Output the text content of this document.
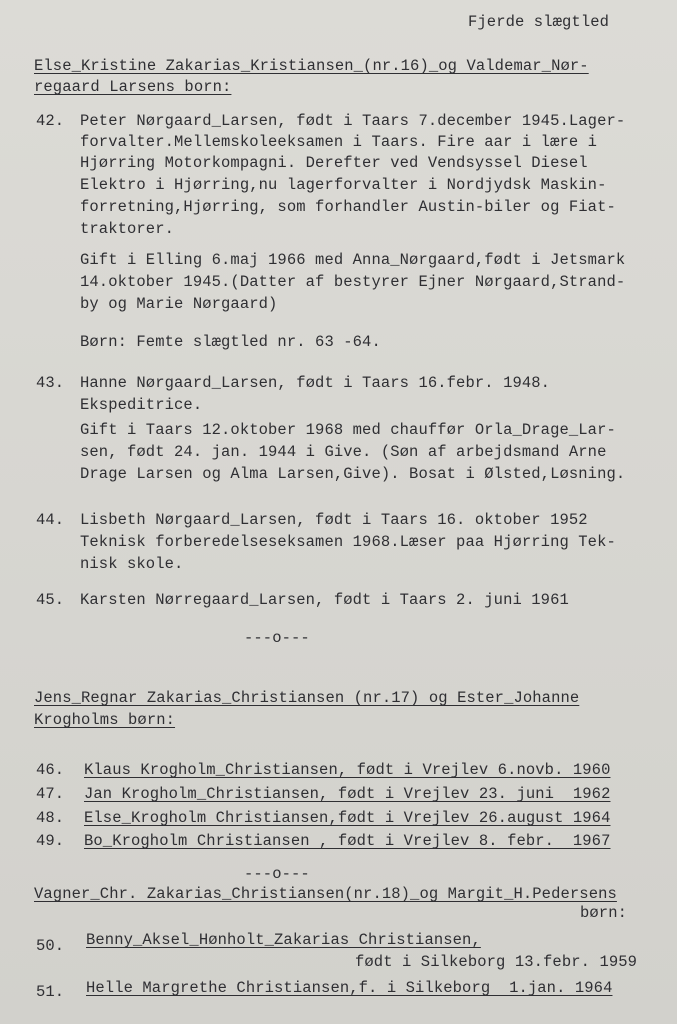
Fjerde slægtled
Else_Kristine Zakarias_Kristiansen_(nr.16)_og Valdemar_Nør-
regaard Larsens born:
42. Peter Nørgaard_Larsen, født i Taars 7.december 1945.Lager-
forvalter.Mellemskoleeksamen i Taars. Fire aar i lære i
Hjørring Motorkompagni. Derefter ved Vendsyssel Diesel
Elektro i Hjørring,nu lagerforvalter i Nordjydsk Maskin-
forretning,Hjørring, som forhandler Austin-biler og Fiat-
traktorer.
Gift i Elling 6.maj 1966 med Anna_Nørgaard,født i Jetsmark
14.oktober 1945.(Datter af bestyrer Ejner Nørgaard,Strand-
by og Marie Nørgaard)
Børn: Femte slægtled nr. 63 -64.
43. Hanne Nørgaard_Larsen, født i Taars 16.febr. 1948.
Ekspeditrice.
Gift i Taars 12.oktober 1968 med chauffør Orla_Drage_Lar-
sen, født 24. jan. 1944 i Give. (Søn af arbejdsmand Arne
Drage Larsen og Alma Larsen,Give). Bosat i Ølsted,Løsning.
44. Lisbeth Nørgaard_Larsen, født i Taars 16. oktober 1952
Teknisk forberedelseseksamen 1968.Læser paa Hjørring Tek-
nisk skole.
45. Karsten Nørregaard_Larsen, født i Taars 2. juni 1961
---o---
Jens_Regnar Zakarias_Christiansen (nr.17) og Ester_Johanne
Krogholms børn:
46. Klaus Krogholm_Christiansen, født i Vrejlev 6.novb. 1960
47. Jan Krogholm_Christiansen, født i Vrejlev 23. juni  1962
48. Else_Krogholm Christiansen,født i Vrejlev 26.august 1964
49. Bo_Krogholm Christiansen , født i Vrejlev 8. febr.  1967
---o---
Vagner_Chr. Zakarias_Christiansen(nr.18)_og Margit_H.Pedersens
børn:
50. Benny_Aksel_Hønholt_Zakarias Christiansen,
født i Silkeborg 13.febr. 1959
51. Helle Margrethe Christiansen,f. i Silkeborg  1.jan. 1964
